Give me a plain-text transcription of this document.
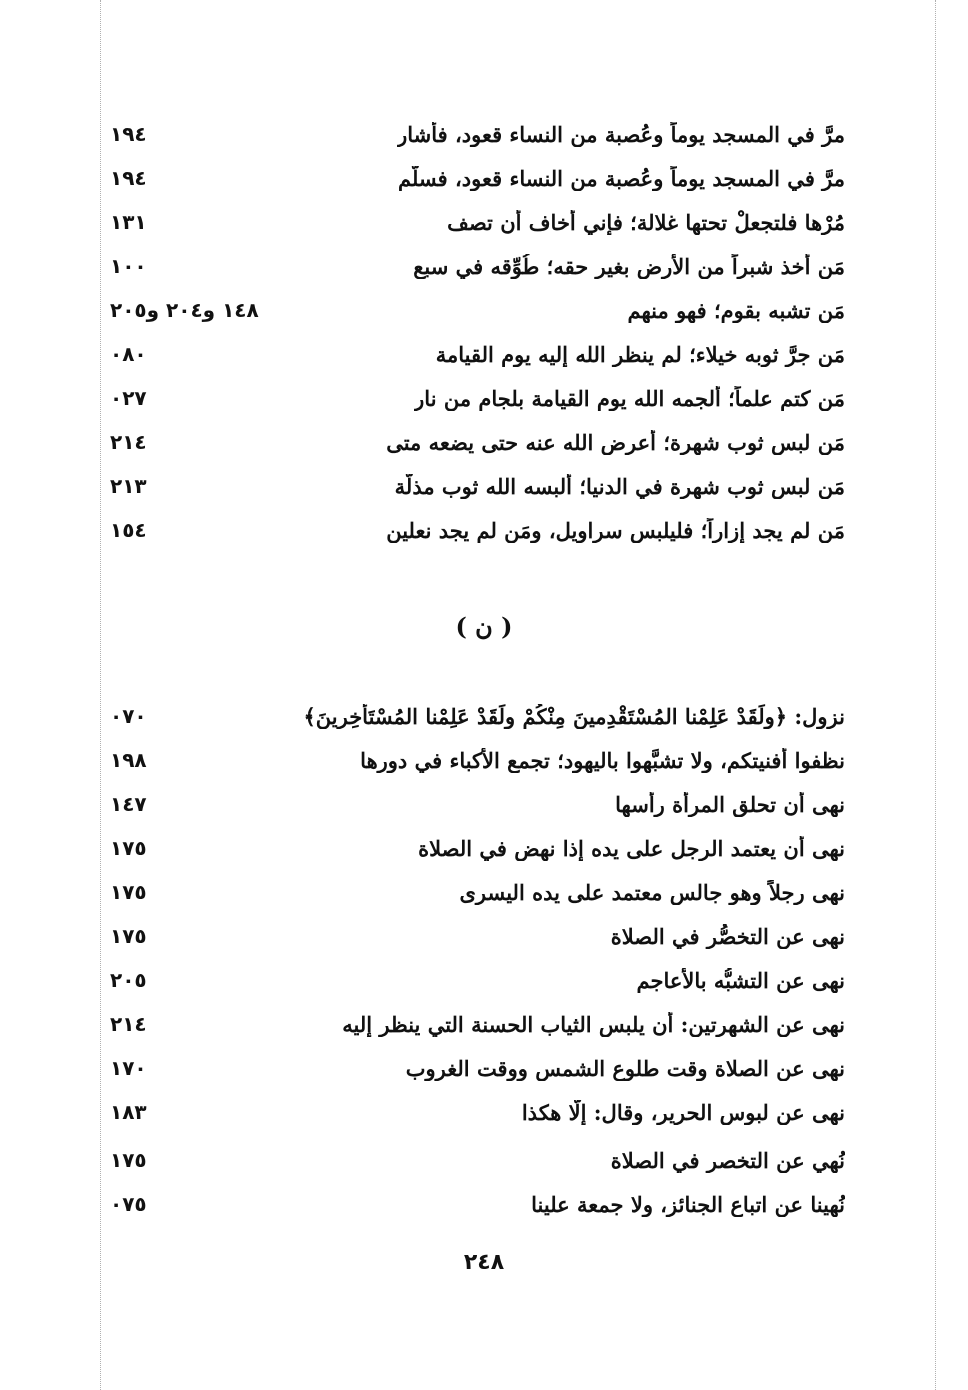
١٩٤	مرَّ في المسجد يوماً وعُصبة من النساء قعود، فأشار
١٩٤	مرَّ في المسجد يوماً وعُصبة من النساء قعود، فسلَّم
١٣١	مُرْها فلتجعلْ تحتها غلالة؛ فإني أخاف أن تصف
١٠٠	مَن أخذ شبراً من الأرض بغير حقه؛ طُوِّقه في سبع
١٤٨ و٢٠٤ و٢٠٥	مَن تشبه بقوم؛ فهو منهم
٠٨٠	مَن جرَّ ثوبه خيلاء؛ لم ينظر الله إليه يوم القيامة
٠٢٧	مَن كتم علماً؛ ألجمه الله يوم القيامة بلجام من نار
٢١٤	مَن لبس ثوب شهرة؛ أعرض الله عنه حتى يضعه متى
٢١٣	مَن لبس ثوب شهرة في الدنيا؛ ألبسه الله ثوب مذلَّة
١٥٤	مَن لم يجد إزاراً؛ فليلبس سراويل، ومَن لم يجد نعلين
( ن )
٠٧٠	نزول: ﴿ولَقَدْ عَلِمْنا المُسْتَقْدِمينَ مِنْكُمْ ولَقَدْ عَلِمْنا المُسْتَأْخِرينَ﴾
١٩٨	نظفوا أفنيتكم، ولا تشبَّهوا باليهود؛ تجمع الأكباء في دورها
١٤٧	نهى أن تحلق المرأة رأسها
١٧٥	نهى أن يعتمد الرجل على يده إذا نهض في الصلاة
١٧٥	نهى رجلاً وهو جالس معتمد على يده اليسرى
١٧٥	نهى عن التخصُّر في الصلاة
٢٠٥	نهى عن التشبُّه بالأعاجم
٢١٤	نهى عن الشهرتين: أن يلبس الثياب الحسنة التي ينظر إليه
١٧٠	نهى عن الصلاة وقت طلوع الشمس ووقت الغروب
١٨٣	نهى عن لبوس الحرير، وقال: إلَّا هكذا
١٧٥	نُهي عن التخصر في الصلاة
٠٧٥	نُهينا عن اتباع الجنائز، ولا جمعة علينا
٢٤٨
